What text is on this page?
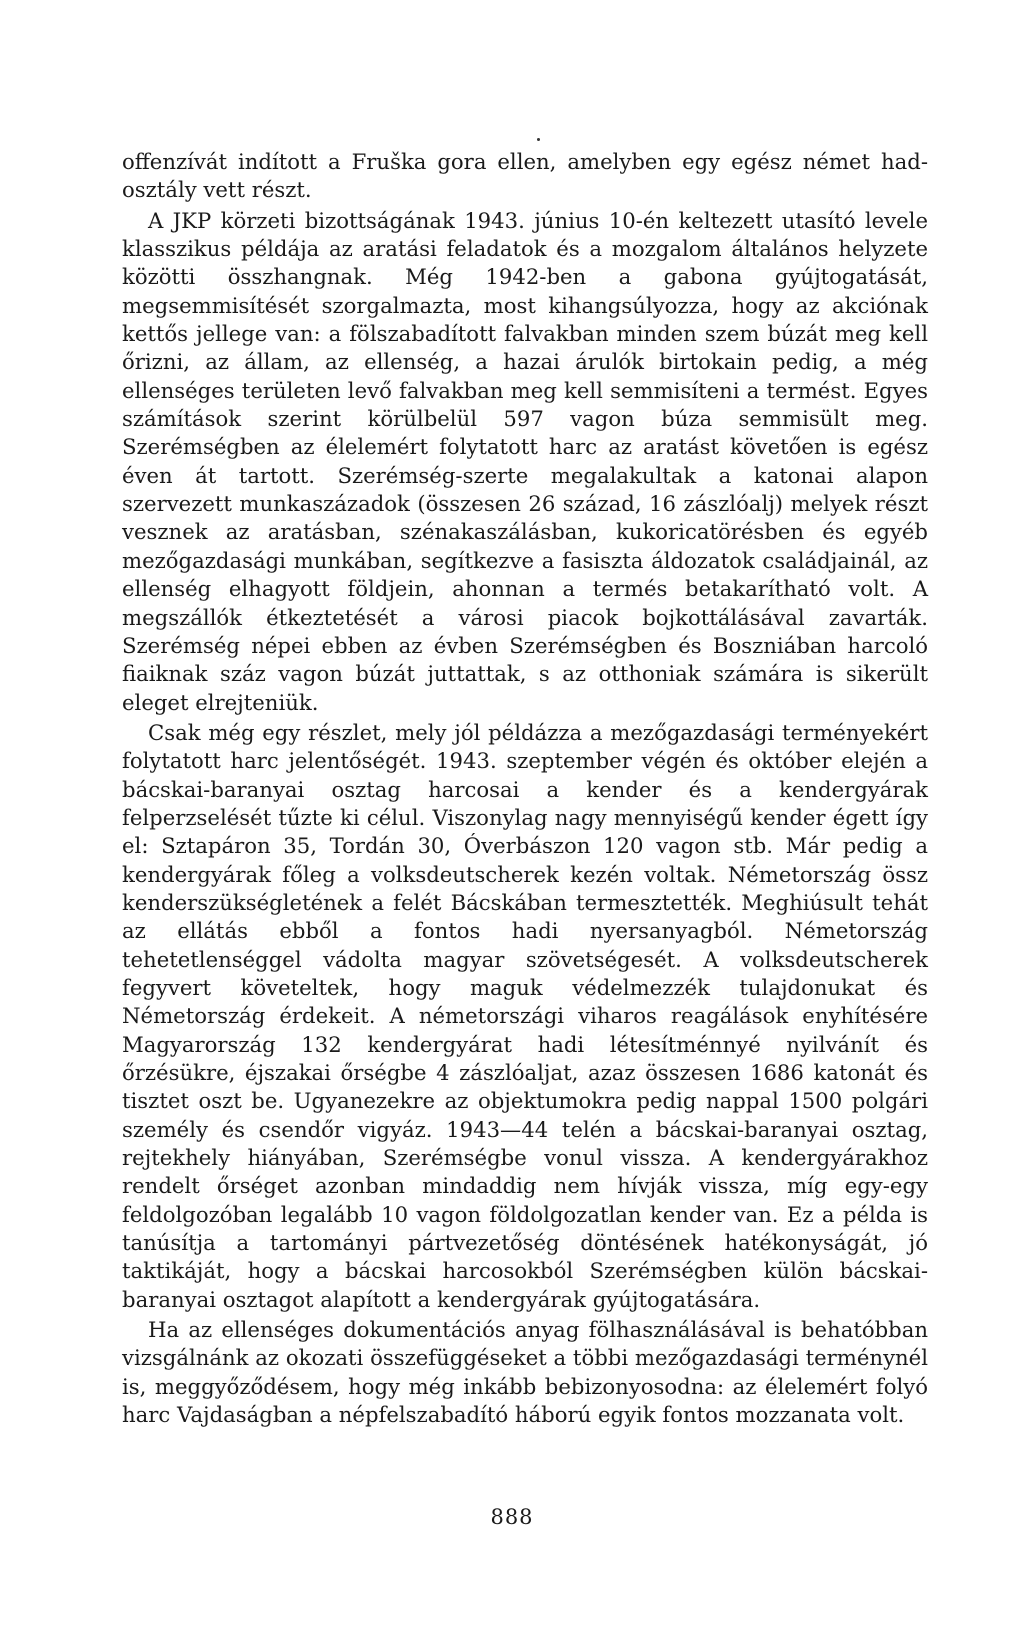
offenzívát indított a Fruška gora ellen, amelyben egy egész német had-osztály vett részt.

A JKP körzeti bizottságának 1943. június 10-én keltezett utasító levele klasszikus példája az aratási feladatok és a mozgalom általános helyzete közötti összhangnak. Még 1942-ben a gabona gyújtogatását, megsemmisítését szorgalmazta, most kihangsúlyozza, hogy az akciónak kettős jellege van: a fölszabadított falvakban minden szem búzát meg kell őrizni, az állam, az ellenség, a hazai árulók birtokain pedig, a még ellenséges területen levő falvakban meg kell semmisíteni a termést. Egyes számítások szerint körülbelül 597 vagon búza semmisült meg. Szerémségben az élelemért folytatott harc az aratást követően is egész éven át tartott. Szerémség-szerte megalakultak a katonai alapon szervezett munkaszázadok (összesen 26 század, 16 zászlóalj) melyek részt vesznek az aratásban, szénakaszálásban, kukoricatörésben és egyéb mezőgazdasági munkában, segítkezve a fasiszta áldozatok családjainál, az ellenség elhagyott földjein, ahonnan a termés betakarítható volt. A megszállók étkeztetését a városi piacok bojkottálásával zavarták. Szerémség népei ebben az évben Szerémségben és Boszniában harcoló fiaiknak száz vagon búzát juttattak, s az otthoniak számára is sikerült eleget elrejteniük.

Csak még egy részlet, mely jól példázza a mezőgazdasági terményekért folytatott harc jelentőségét. 1943. szeptember végén és október elején a bácskai-baranyai osztag harcosai a kender és a kendergyárak felperzselését tűzte ki célul. Viszonylag nagy mennyiségű kender égett így el: Sztapáron 35, Tordán 30, Óverbászon 120 vagon stb. Már pedig a kendergyárak főleg a volksdeutscherek kezén voltak. Németország össz kenderszükségletének a felét Bácskában termesztették. Meghiúsult tehát az ellátás ebből a fontos hadi nyersanyagból. Németország tehetetlenséggel vádolta magyar szövetségesét. A volksdeutscherek fegyvert követeltek, hogy maguk védelmezzék tulajdonukat és Németország érdekeit. A németországi viharos reagálások enyhítésére Magyarország 132 kendergyárat hadi létesítménnyé nyilvánít és őrzésükre, éjszakai őrségbe 4 zászlóaljat, azaz összesen 1686 katonát és tisztet oszt be. Ugyanezekre az objektumokra pedig nappal 1500 polgári személy és csendőr vigyáz. 1943—44 telén a bácskai-baranyai osztag, rejtekhely hiányában, Szerémségbe vonul vissza. A kendergyárakhoz rendelt őrséget azonban mindaddig nem hívják vissza, míg egy-egy feldolgozóban legalább 10 vagon földolgozatlan kender van. Ez a példa is tanúsítja a tartományi pártvezetőség döntésének hatékonyságát, jó taktikáját, hogy a bácskai harcosokból Szerémségben külön bácskai-baranyai osztagot alapított a kendergyárak gyújtogatására.

Ha az ellenséges dokumentációs anyag fölhasználásával is behatóbban vizsgálnánk az okozati összefüggéseket a többi mezőgazdasági terménynél is, meggyőződésem, hogy még inkább bebizonyosodna: az élelemért folyó harc Vajdaságban a népfelszabadító háború egyik fontos mozzanata volt.

888
